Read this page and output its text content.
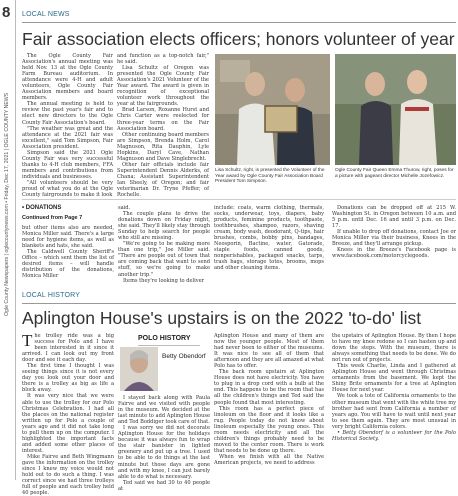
8
Ogle County Newspapers | oglecountynews.com • Friday, Dec 17, 2021 | OGLE COUNTY NEWS
LOCAL NEWS
Fair association elects officers; honors volunteer of year

The Ogle County Fair Association's annual meeting was held Nov. 13 at the Ogle County Farm Bureau auditorium. In attendance were 4-H and adult volunteers, Ogle County Fair Association members and board members.

The annual meeting is held to review the past year's fair and to elect new directors to the Ogle County Fair Association's board.

"The weather was great and the attendance at the 2021 fair was excellent," said Tom Simpson, Fair Association president.

Simpson said the 2021 Ogle County Fair was very successful thanks to 4-H club members, FFA members and contributions from individuals and businesses.

"All volunteers should be very proud of what you do at the Ogle County fairgrounds to make it look

and function as a top-notch fair," he said.

Lisa Schultz of Oregon was presented the Ogle County Fair Association's 2021 Volunteer of the Year award. The award is given in recognition of exceptional volunteer work throughout the year at the fairgrounds.

Brad Larson, Roxanne Hurst and Chris Carter were reelected for three-year terms on the Fair Association board.

Other continuing board members are Simpson, Brenda Holm, Carol Magnuson, Rita Dauphin, Lyle Hopkins, Daryl Cave, Nathan Magnuson and Dave Singlebrecht.

Other fair officials include fair Superintendent Dennis Alderks, of Chana; Assistant Superintendent Ian Sheely, of Oregon; and fair veterinarian Dr. Tryne Pfeffer, of Rochelle.

Lisa Schultz, right, is presented the Volunteer of the Year award by Ogle County Fair Association Board President Tom Simpson.
Ogle County Fair Queen Emma Thurow, right, poses for a picture with pageant director Michelle Jozefowicz.
• DONATIONS
Continued from Page 7

but other items also are needed, Monica Miller said. There's a large need for hygiene items, as well as blankets and hats, she said.

The Caldwell County Sheriff's Office – which sent them the list of desired items – will handle distribution of the donations, Monica Miller

said.

The couple plans to drive the donations down on Friday night, she said. They'll likely stay through Sunday to help search for people who still are missing.

"We're going to be making more than one trip," Joe Miller said. "There are people out of town that are coming back that want to send stuff, so we're going to make another trip."

Items they're looking to deliver

include: coats, warm clothing, thermals, socks, underwear, toys, diapers, baby products, feminine products, toothpaste, toothbrushes, shampoo, razors, shaving cream, body wash, deodorant, Q-tips, hair brushes, combs, bobby pins, bandages, Neosporin, Bactine, water, Gatorade, staple foods, canned goods, nonperishables, packaged snacks, tarps, trash bags, storage totes, brooms, mops and other cleaning items.

Donations can be dropped off at 215 W. Washington St. in Oregon between 10 a.m. and 5 p.m. until Dec. 16 and until 3 p.m. on Dec. 17.

If unable to drop off donations, contact Joe or Monica Miller via their business, Knees in the Breeze, and they'll arrange pickup.

Knees in the Breeze's Facebook page is www.facebook.com/motorcyclegoods.

LOCAL HISTORY
Aplington House's upstairs is on the 2022 'to-do' list
T he trolley ride was a big success for Polo and I have been interested in it since it arrived. I can look out my front door and see it each day.

The first time I thought I was seeing things since it is not every day you look out your door and there is a trolley as big as life a block away.

It was very nice that we were able to use the trolley for our Polo Christmas Celebration. I had all the places on the national register written up for Polo a couple of years ago and it did not take long to pull them up on the computer. I highlighted the important facts and added some other places of interest.

Mike Fairve and Beth Wingmann gave the information on the trolley since I knew my voice would not hold out to do such a thing. I was correct since we had three trolleys full of people and each trolley held 40 people.

POLO HISTORY
Betty Obendorf

I stayed back along with Paula Fairve and we visited with people in the museum. We decided at the last minute to add Aplington House and Ted Boddiger took care of that.

I was sorry we did not decorate Aplington House for the holidays because it was always fun to wrap the stair banister in lighted greenery and put up a tree. I used to be able to do things at the last minute but those days are gone and with my knee, I can just barely able to do what is necessary.

Ted said we had 30 to 40 people at

Aplington House and many of them are now the younger people. Most of them had never been to either of the museums. It was nice to see all of them that afternoon and they are all amazed at what Polo has to offer.

The back room upstairs at Aplington House does not have electricity. You have to plug in a drop cord with a bulb at the end. This happens to be the room that has all the children's things and Ted said the people found that most interesting.

This room has a perfect piece of linoleum on the floor and it looks like a rug. People today do not know about linoleum especially the young ones. This room needs electricity and all the children's things probably need to be moved to the center room. There is work that needs to be done up there.

When we finish with all the Native American projects, we need to address

the upstairs of Aplington House. By then I hope to have my knee redone so I can hasten up and down the steps. With the museum, there is always something that needs to be done. We do not run out of projects.

This week Charlie, Linda and I gathered at Aplington House and went through Christmas ornaments from the basement. We kept the Shiny Brite ornaments for a tree at Aplington House for next year.

We took a tote of California ornaments to the other museum that went with the white tree my brother had sent from California a number of years ago. You will have to wait until next year to see them again. They are most unusual in very bright California colors.

• Betty Obendorf is a volunteer for the Polo Historical Society.
